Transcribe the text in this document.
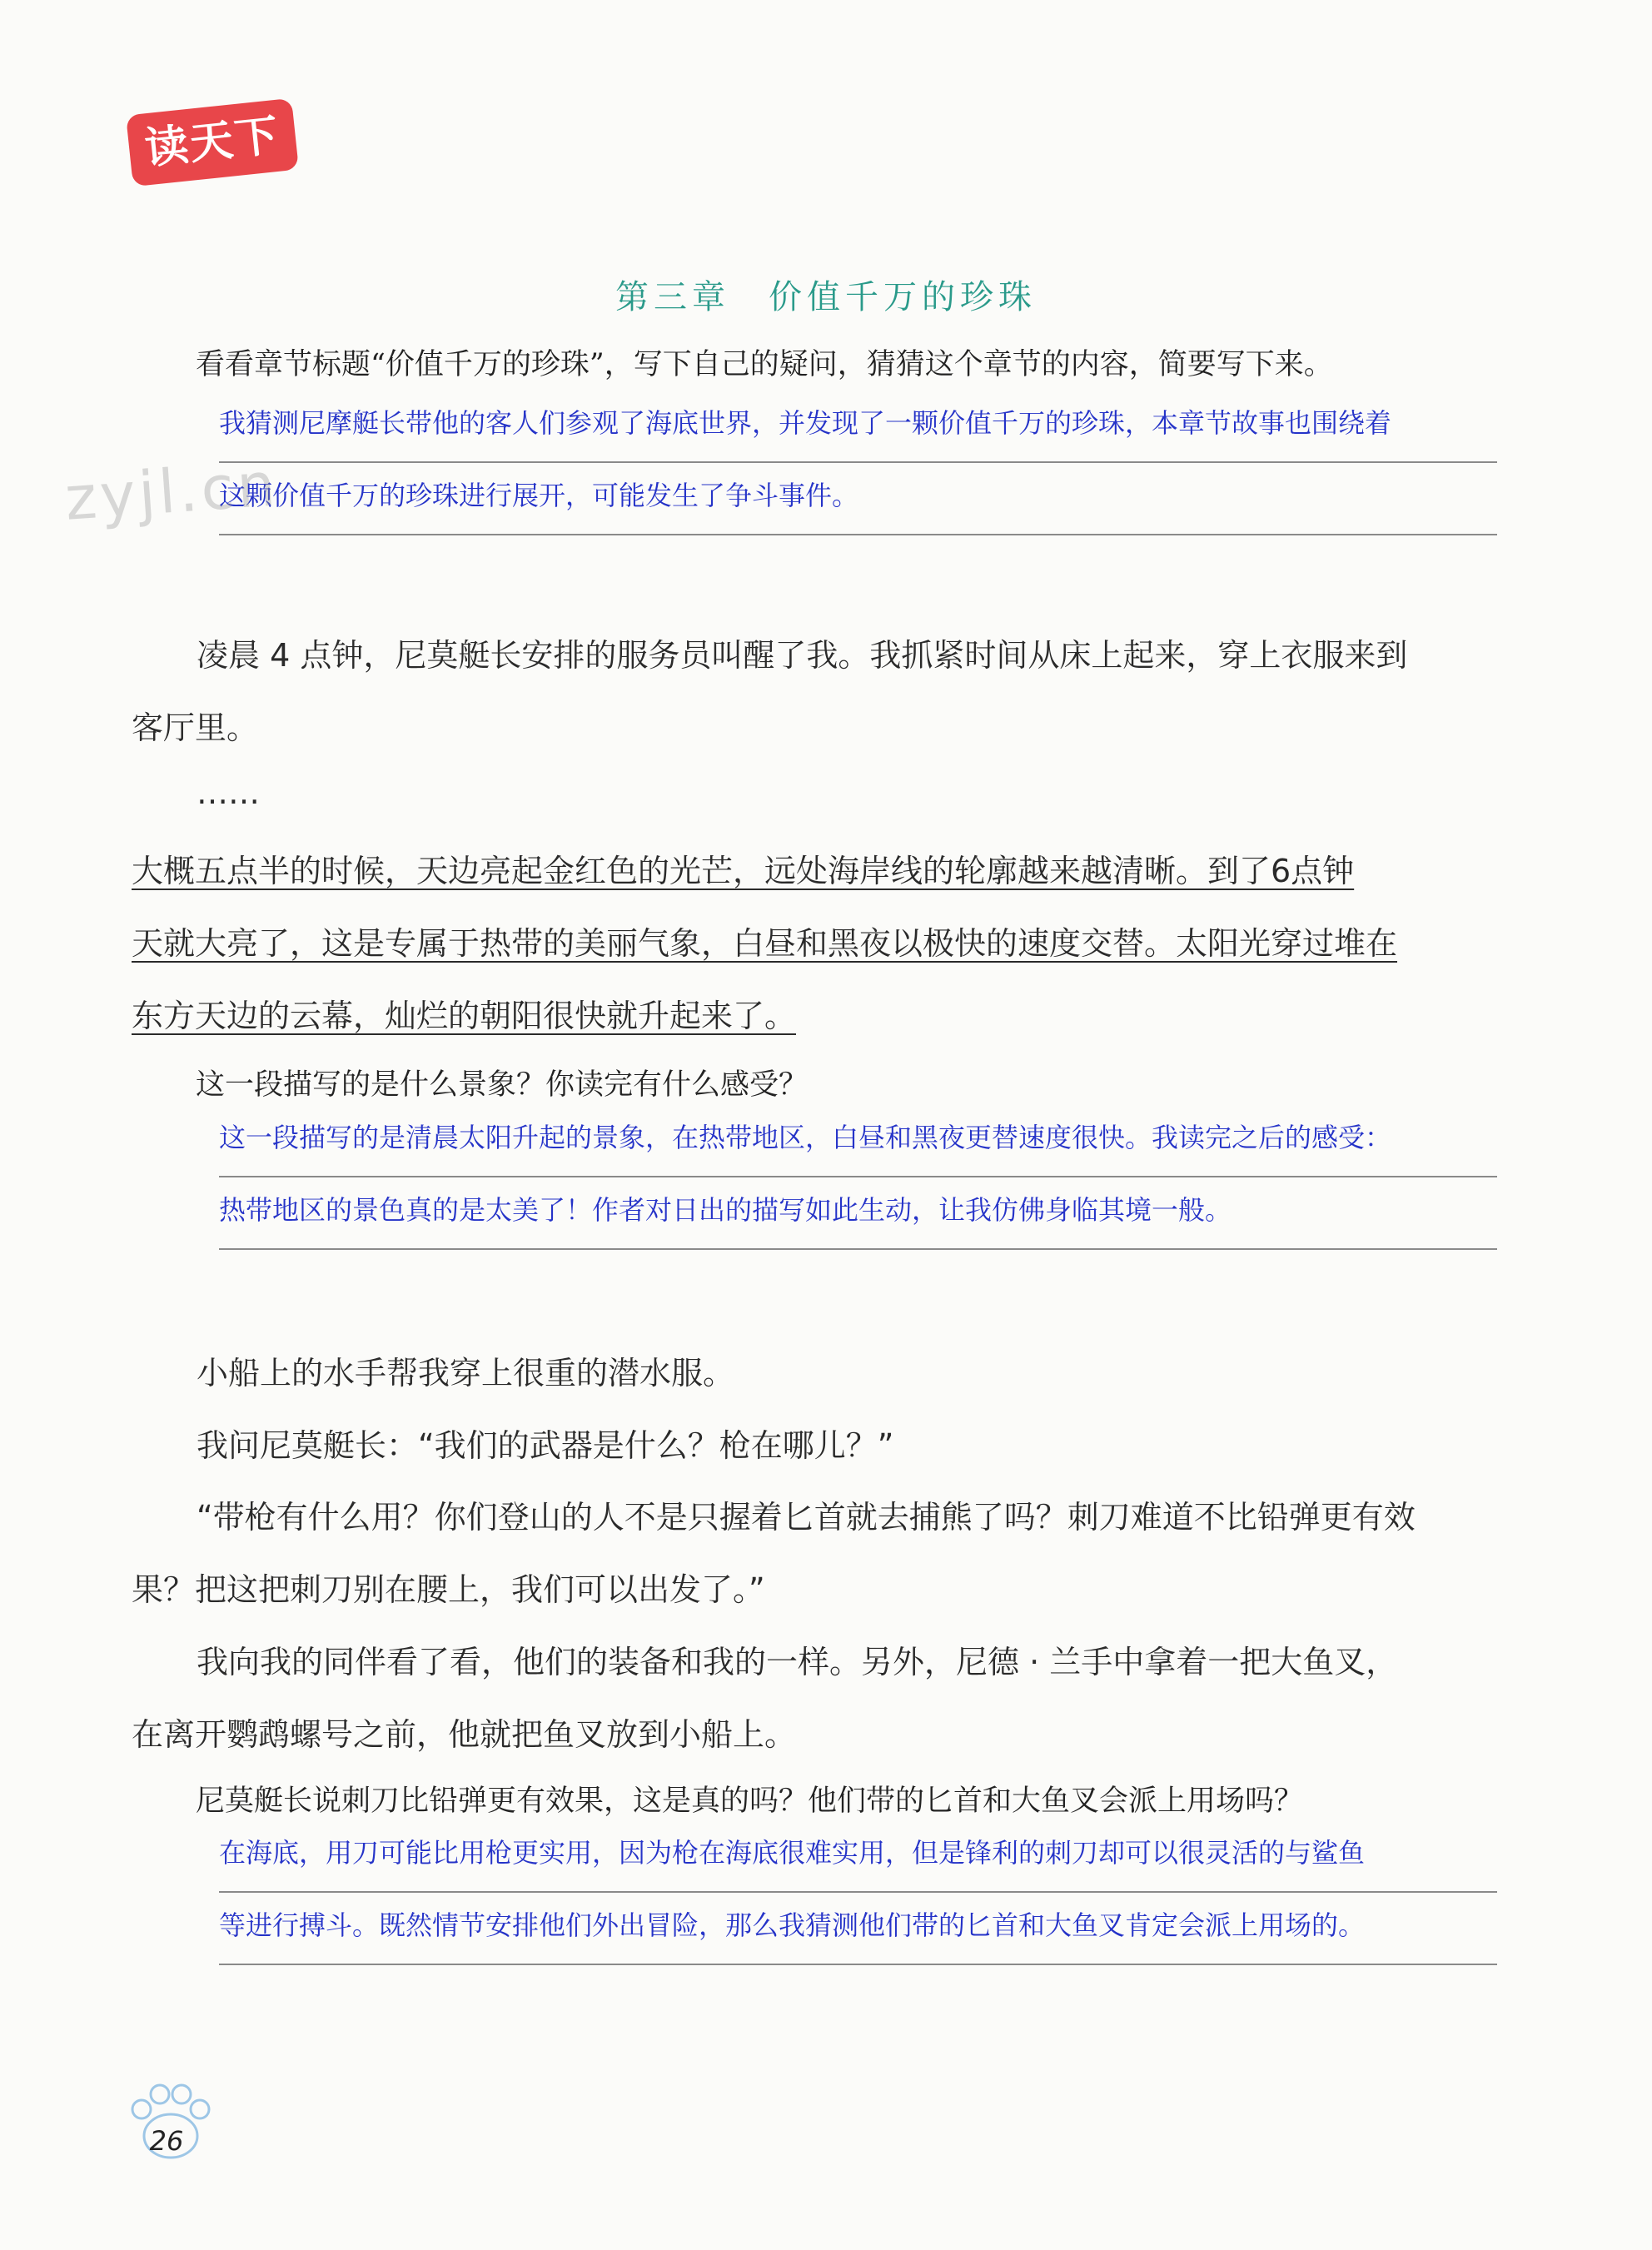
读天下
第三章　价值千万的珍珠
看看章节标题“价值千万的珍珠”，写下自己的疑问，猜猜这个章节的内容，简要写下来。
我猜测尼摩艇长带他的客人们参观了海底世界，并发现了一颗价值千万的珍珠，本章节故事也围绕着
这颗价值千万的珍珠进行展开，可能发生了争斗事件。
zyjl.cn
凌晨 4 点钟，尼莫艇长安排的服务员叫醒了我。我抓紧时间从床上起来，穿上衣服来到
客厅里。
……
大概五点半的时候，天边亮起金红色的光芒，远处海岸线的轮廓越来越清晰。到了6点钟
天就大亮了，这是专属于热带的美丽气象，白昼和黑夜以极快的速度交替。太阳光穿过堆在
东方天边的云幕，灿烂的朝阳很快就升起来了。
这一段描写的是什么景象？你读完有什么感受？
这一段描写的是清晨太阳升起的景象，在热带地区，白昼和黑夜更替速度很快。我读完之后的感受：
热带地区的景色真的是太美了！作者对日出的描写如此生动，让我仿佛身临其境一般。
小船上的水手帮我穿上很重的潜水服。
我问尼莫艇长：“我们的武器是什么？枪在哪儿？”
“带枪有什么用？你们登山的人不是只握着匕首就去捕熊了吗？刺刀难道不比铅弹更有效
果？把这把刺刀别在腰上，我们可以出发了。”
我向我的同伴看了看，他们的装备和我的一样。另外，尼德 · 兰手中拿着一把大鱼叉，
在离开鹦鹉螺号之前，他就把鱼叉放到小船上。
尼莫艇长说刺刀比铅弹更有效果，这是真的吗？他们带的匕首和大鱼叉会派上用场吗？
在海底，用刀可能比用枪更实用，因为枪在海底很难实用，但是锋利的刺刀却可以很灵活的与鲨鱼
等进行搏斗。既然情节安排他们外出冒险，那么我猜测他们带的匕首和大鱼叉肯定会派上用场的。
26
